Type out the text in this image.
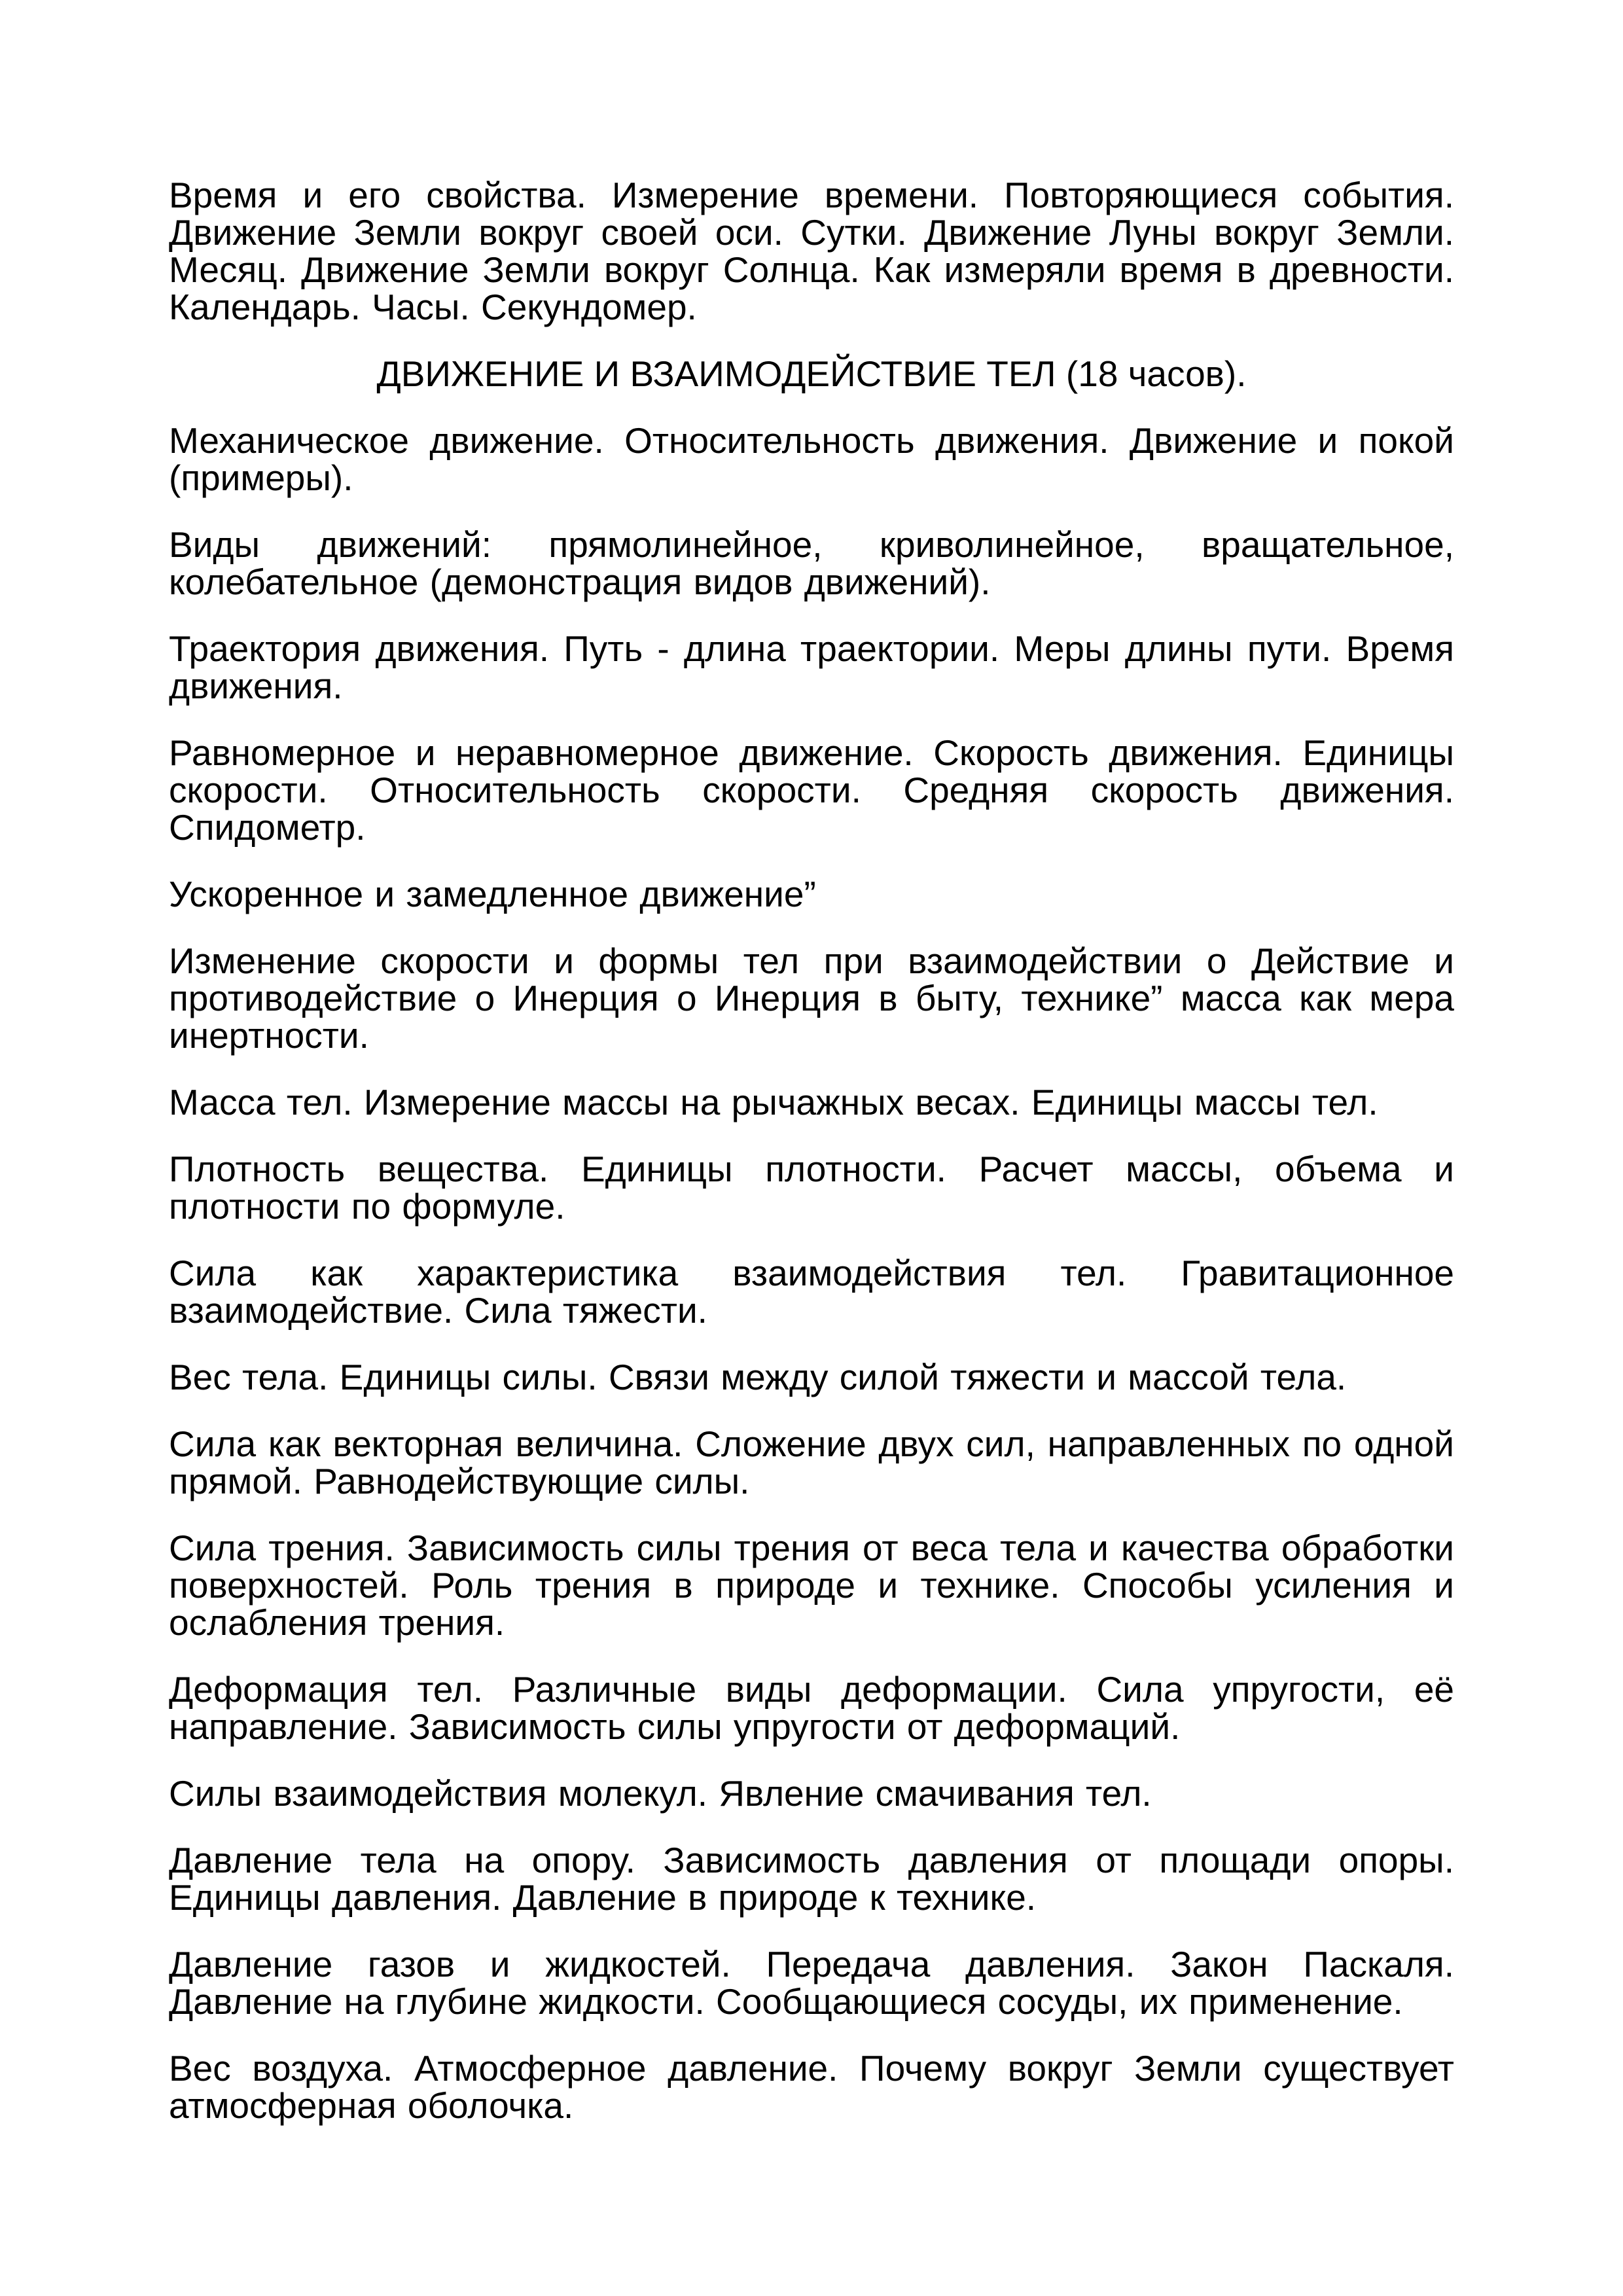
Время и его свойства. Измерение времени. Повторяющиеся события. Движение Земли вокруг своей оси. Сутки. Движение Луны вокруг Земли. Месяц. Движение Земли вокруг Солнца. Как измеряли время в древности. Календарь. Часы. Секундомер.

ДВИЖЕНИЕ И ВЗАИМОДЕЙСТВИЕ ТЕЛ (18 часов).

Механическое движение. Относительность движения. Движение и покой (примеры).

Виды движений: прямолинейное, криволинейное, вращательное, колебательное (демонстрация видов движений).

Траектория движения. Путь - длина траектории. Меры длины пути. Время движения.

Равномерное и неравномерное движение. Скорость движения. Единицы скорости. Относительность скорости. Средняя скорость движения. Спидометр.

Ускоренное и замедленное движение”

Изменение скорости и формы тел при взаимодействии о Действие и противодействие о Инерция о Инерция в быту, технике” масса как мера инертности.

Масса тел. Измерение массы на рычажных весах. Единицы массы тел.

Плотность вещества. Единицы плотности. Расчет массы, объема и плотности по формуле.

Сила как характеристика взаимодействия тел. Гравитационное взаимодействие. Сила тяжести.

Вес тела. Единицы силы. Связи между силой тяжести и массой тела.

Сила как векторная величина. Сложение двух сил, направленных по одной прямой. Равнодействующие силы.

Сила трения. Зависимость силы трения от веса тела и качества обработки поверхностей. Роль трения в природе и технике. Способы усиления и ослабления трения.

Деформация тел. Различные виды деформации. Сила упругости, её направление. Зависимость силы упругости от деформаций.

Силы взаимодействия молекул. Явление смачивания тел.

Давление тела на опору. Зависимость давления от площади опоры. Единицы давления. Давление в природе к технике.

Давление газов и жидкостей. Передача давления. Закон Паскаля. Давление на глубине жидкости. Сообщающиеся сосуды, их применение.

Вес воздуха. Атмосферное давление. Почему вокруг Земли существует атмосферная оболочка.
